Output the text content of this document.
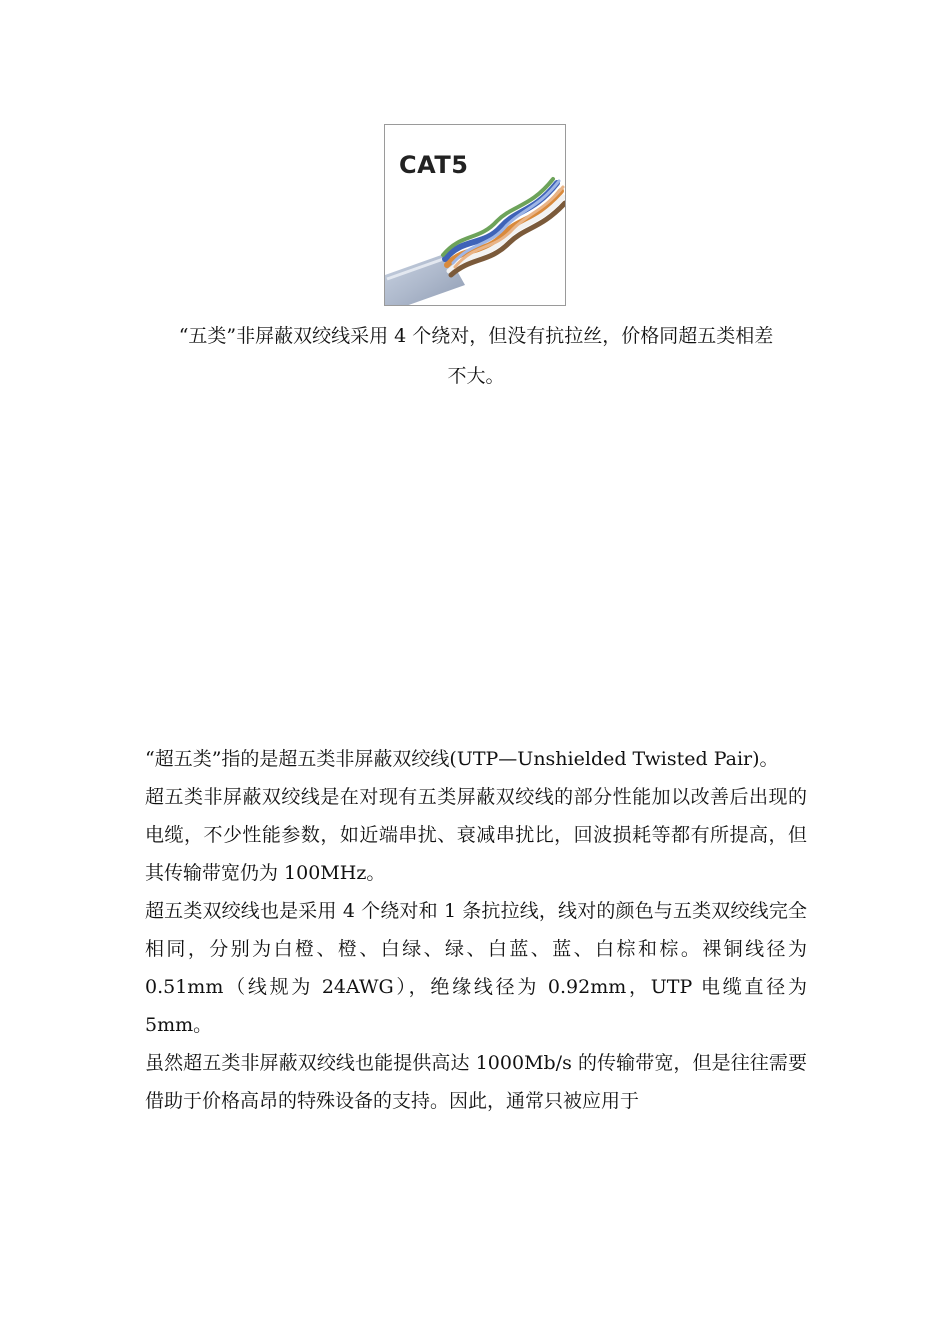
CAT5
“五类”非屏蔽双绞线采用 4 个绕对，但没有抗拉丝，价格同超五类相差
不大。

“超五类”指的是超五类非屏蔽双绞线(UTP—Unshielded Twisted Pair)。

超五类非屏蔽双绞线是在对现有五类屏蔽双绞线的部分性能加以改善后出现的电缆，不少性能参数，如近端串扰、衰减串扰比，回波损耗等都有所提高，但其传输带宽仍为 100MHz。

超五类双绞线也是采用 4 个绕对和 1 条抗拉线，线对的颜色与五类双绞线完全相同，分别为白橙、橙、白绿、绿、白蓝、蓝、白棕和棕。裸铜线径为 0.51mm（线规为 24AWG），绝缘线径为 0.92mm，UTP 电缆直径为 5mm。

虽然超五类非屏蔽双绞线也能提供高达 1000Mb/s 的传输带宽，但是往往需要借助于价格高昂的特殊设备的支持。因此，通常只被应用于
